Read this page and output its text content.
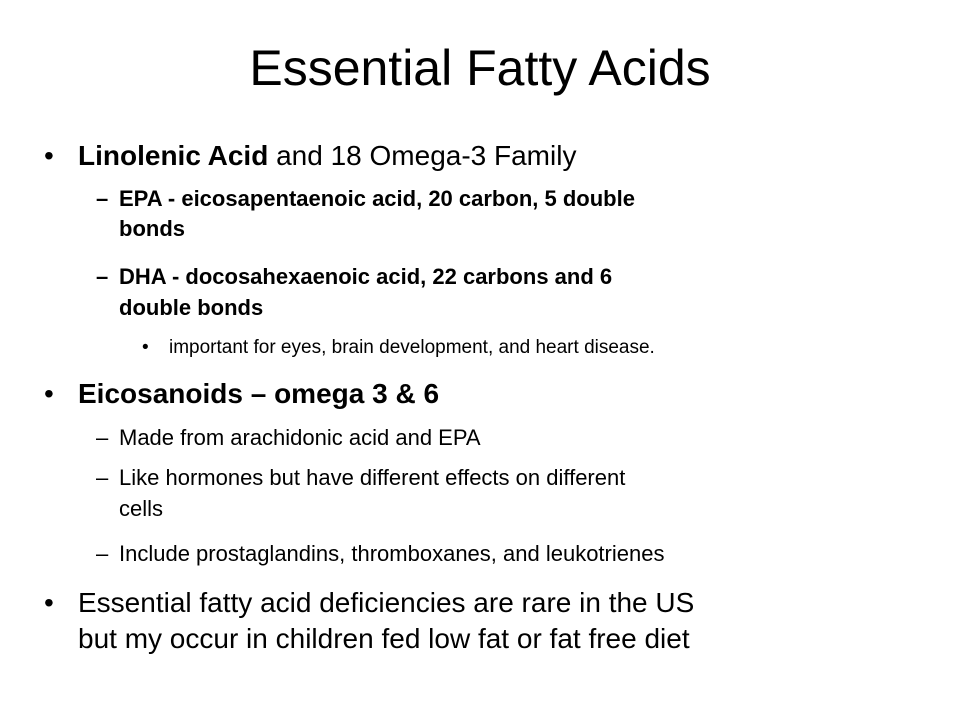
Essential Fatty Acids
• Linolenic Acid and 18 Omega-3 Family
– EPA - eicosapentaenoic acid, 20 carbon, 5 double
bonds
– DHA - docosahexaenoic acid, 22 carbons and 6
double bonds
• important for eyes, brain development, and heart disease.
• Eicosanoids – omega 3 & 6
– Made from arachidonic acid and EPA
– Like hormones but have different effects on different
cells
– Include prostaglandins, thromboxanes, and leukotrienes
• Essential fatty acid deficiencies are rare in the US
but my occur in children fed low fat or fat free diet
